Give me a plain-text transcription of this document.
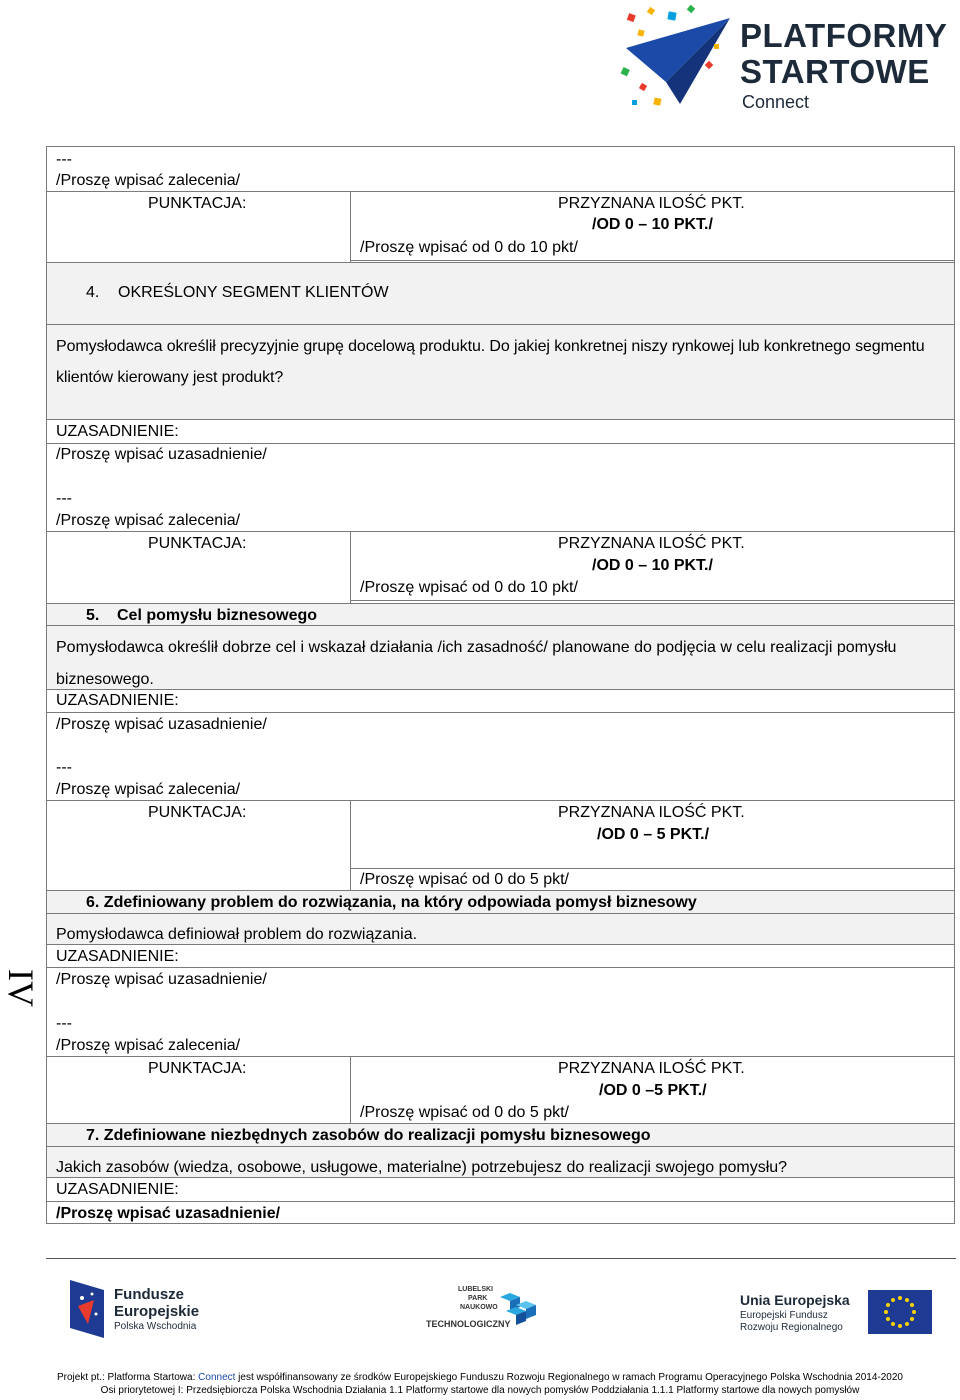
PLATFORMY
STARTOWE
Connect
IV
---
/Proszę wpisać zalecenia/
PUNKTACJA:	PRZYZNANA ILOŚĆ PKT.
/OD 0 – 10 PKT./
/Proszę wpisać od 0 do 10 pkt/
4. OKREŚLONY SEGMENT KLIENTÓW
Pomysłodawca określił precyzyjnie grupę docelową produktu. Do jakiej konkretnej niszy rynkowej lub konkretnego segmentu
klientów kierowany jest produkt?
UZASADNIENIE:
/Proszę wpisać uzasadnienie/
---
/Proszę wpisać zalecenia/
PUNKTACJA:	PRZYZNANA ILOŚĆ PKT.
/OD 0 – 10 PKT./
/Proszę wpisać od 0 do 10 pkt/
5. Cel pomysłu biznesowego
Pomysłodawca określił dobrze cel i wskazał działania /ich zasadność/ planowane do podjęcia w celu realizacji pomysłu
biznesowego.
UZASADNIENIE:
/Proszę wpisać uzasadnienie/
---
/Proszę wpisać zalecenia/
PUNKTACJA:	PRZYZNANA ILOŚĆ PKT.
/OD 0 – 5 PKT./
/Proszę wpisać od 0 do 5 pkt/
6. Zdefiniowany problem do rozwiązania, na który odpowiada pomysł biznesowy
Pomysłodawca definiował problem do rozwiązania.
UZASADNIENIE:
/Proszę wpisać uzasadnienie/
---
/Proszę wpisać zalecenia/
PUNKTACJA:	PRZYZNANA ILOŚĆ PKT.
/OD 0 –5 PKT./
/Proszę wpisać od 0 do 5 pkt/
7. Zdefiniowane niezbędnych zasobów do realizacji pomysłu biznesowego
Jakich zasobów (wiedza, osobowe, usługowe, materialne) potrzebujesz do realizacji swojego pomysłu?
UZASADNIENIE:
/Proszę wpisać uzasadnienie/
Fundusze
Europejskie
Polska Wschodnia
LUBELSKI
PARK
NAUKOWO
TECHNOLOGICZNY
Unia Europejska
Europejski Fundusz
Rozwoju Regionalnego
Projekt pt.: Platforma Startowa: Connect jest współfinansowany ze środków Europejskiego Funduszu Rozwoju Regionalnego w ramach Programu Operacyjnego Polska Wschodnia 2014-2020
Osi priorytetowej I: Przedsiębiorcza Polska Wschodnia Działania 1.1 Platformy startowe dla nowych pomysłów Poddziałania 1.1.1 Platformy startowe dla nowych pomysłów
